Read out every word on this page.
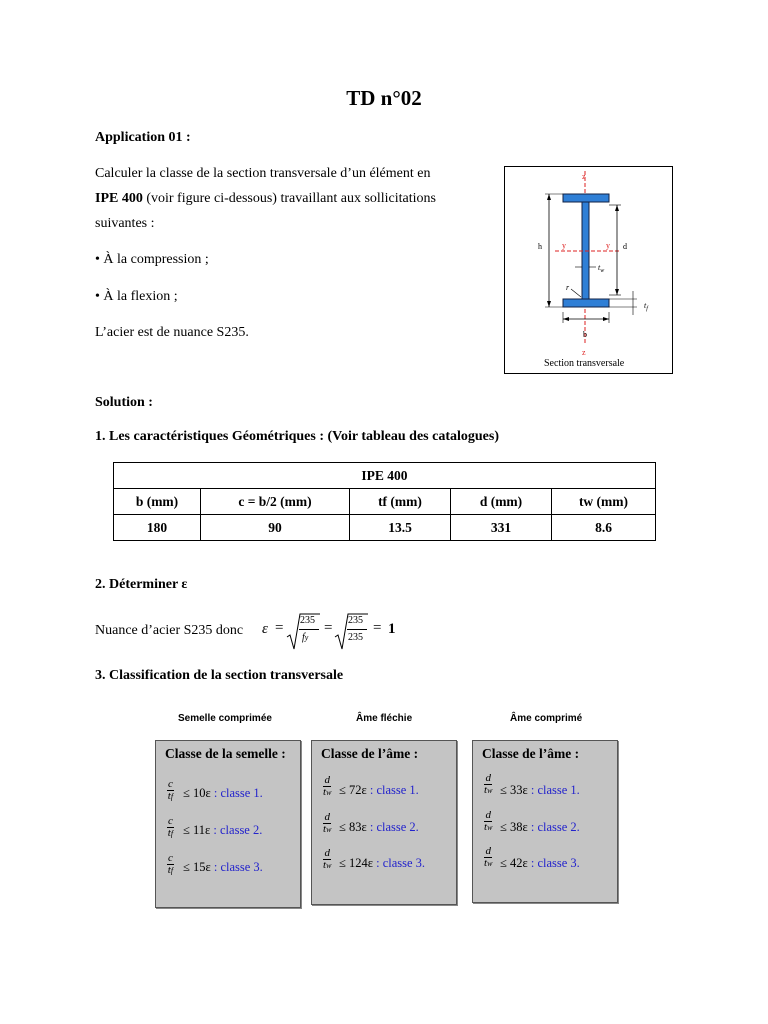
TD n°02
Application 01 :
Calculer la classe de la section transversale d’un élément en
IPE 400 (voir figure ci-dessous) travaillant aux sollicitations
suivantes :
• À la compression ;
• À la flexion ;
L’acier est de nuance S235.
z
z
y	y
h	d
$t_w$
$t_f$
r
b
Section transversale
Solution :
1. Les caractéristiques Géométriques : (Voir tableau des catalogues)
IPE 400				
b (mm)	c = b/2 (mm)	tf (mm)	d (mm)	tw (mm)
180	90	13.5	331	8.6
2. Déterminer ε
Nuance d’acier S235 donc ε = 235
fy
= 235
235
= 1
3. Classification de la section transversale
Semelle comprimée	Âme fléchie	Âme comprimé
Classe de la semelle :
$\frac{c}{tf} \le 10\varepsilon$ : classe 1.
$\frac{c}{tf} \le 11\varepsilon$ : classe 2.
$\frac{c}{tf} \le 15\varepsilon$ : classe 3.
Classe de l’âme :
$\frac{d}{tw} \le 72\varepsilon$ : classe 1.
$\frac{d}{tw} \le 83\varepsilon$ : classe 2.
$\frac{d}{tw} \le 124\varepsilon$ : classe 3.
Classe de l’âme :
$\frac{d}{tw} \le 33\varepsilon$ : classe 1.
$\frac{d}{tw} \le 38\varepsilon$ : classe 2.
$\frac{d}{tw} \le 42\varepsilon$ : classe 3.
